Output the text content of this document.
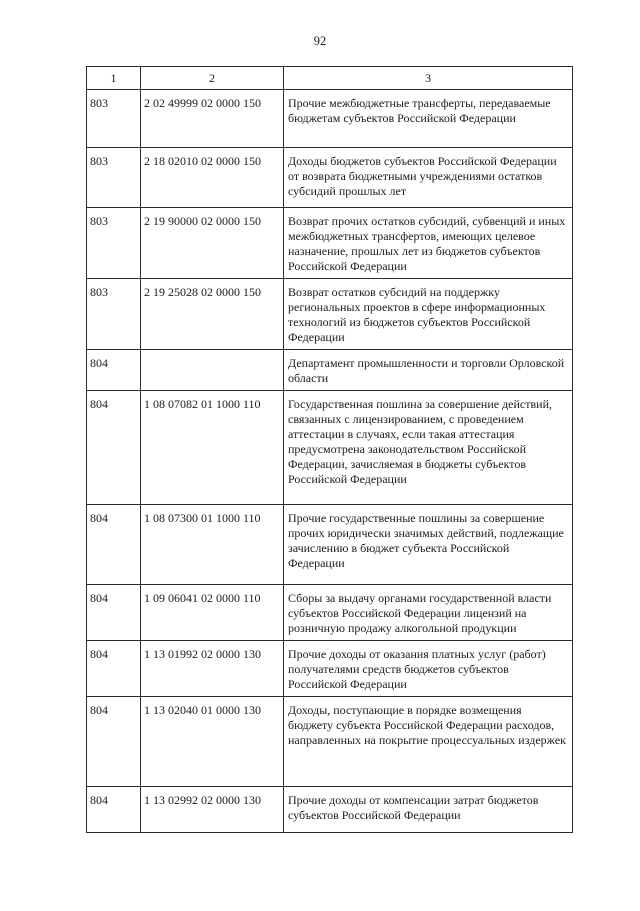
92
1	2	3
803	2 02 49999 02 0000 150	Прочие межбюджетные трансферты, передаваемые бюджетам субъектов Российской Федерации
803	2 18 02010 02 0000 150	Доходы бюджетов субъектов Российской Федерации от возврата бюджетными учреждениями остатков субсидий прошлых лет
803	2 19 90000 02 0000 150	Возврат прочих остатков субсидий, субвенций и иных межбюджетных трансфертов, имеющих целевое назначение, прошлых лет из бюджетов субъектов Российской Федерации
803	2 19 25028 02 0000 150	Возврат остатков субсидий на поддержку региональных проектов в сфере информационных технологий из бюджетов субъектов Российской Федерации
804		Департамент промышленности и торговли Орловской области
804	1 08 07082 01 1000 110	Государственная пошлина за совершение действий, связанных с лицензированием, с проведением аттестации в случаях, если такая аттестация предусмотрена законодательством Российской Федерации, зачисляемая в бюджеты субъектов Российской Федерации
804	1 08 07300 01 1000 110	Прочие государственные пошлины за совершение прочих юридически значимых действий, подлежащие зачислению в бюджет субъекта Российской Федерации
804	1 09 06041 02 0000 110	Сборы за выдачу органами государственной власти субъектов Российской Федерации лицензий на розничную продажу алкогольной продукции
804	1 13 01992 02 0000 130	Прочие доходы от оказания платных услуг (работ) получателями средств бюджетов субъектов Российской Федерации
804	1 13 02040 01 0000 130	Доходы, поступающие в порядке возмещения бюджету субъекта Российской Федерации расходов, направленных на покрытие процессуальных издержек
804	1 13 02992 02 0000 130	Прочие доходы от компенсации затрат бюджетов субъектов Российской Федерации
